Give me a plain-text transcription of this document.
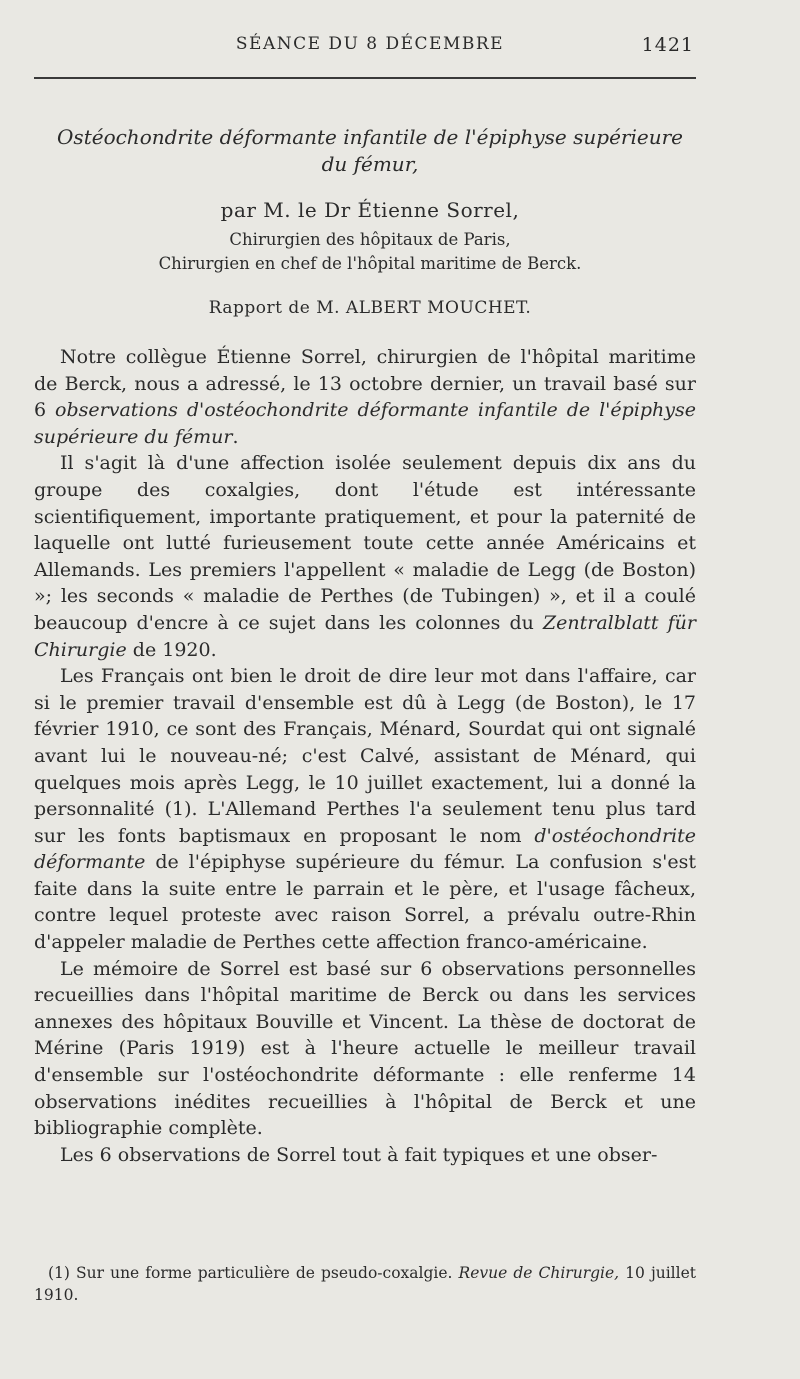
SÉANCE DU 8 DÉCEMBRE	1421

Ostéochondrite déformante infantile de l'épiphyse supérieure
du fémur,

par M. le Dr Étienne Sorrel,
Chirurgien des hôpitaux de Paris,
Chirurgien en chef de l'hôpital maritime de Berck.
Rapport de M. ALBERT MOUCHET.

Notre collègue Étienne Sorrel, chirurgien de l'hôpital maritime de Berck, nous a adressé, le 13 octobre dernier, un travail basé sur 6 observations d'ostéochondrite déformante infantile de l'épiphyse supérieure du fémur.

Il s'agit là d'une affection isolée seulement depuis dix ans du groupe des coxalgies, dont l'étude est intéressante scientifiquement, importante pratiquement, et pour la paternité de laquelle ont lutté furieusement toute cette année Américains et Allemands. Les premiers l'appellent « maladie de Legg (de Boston) »; les seconds « maladie de Perthes (de Tubingen) », et il a coulé beaucoup d'encre à ce sujet dans les colonnes du Zentralblatt für Chirurgie de 1920.

Les Français ont bien le droit de dire leur mot dans l'affaire, car si le premier travail d'ensemble est dû à Legg (de Boston), le 17 février 1910, ce sont des Français, Ménard, Sourdat qui ont signalé avant lui le nouveau-né; c'est Calvé, assistant de Ménard, qui quelques mois après Legg, le 10 juillet exactement, lui a donné la personnalité (1). L'Allemand Perthes l'a seulement tenu plus tard sur les fonts baptismaux en proposant le nom d'ostéochondrite déformante de l'épiphyse supérieure du fémur. La confusion s'est faite dans la suite entre le parrain et le père, et l'usage fâcheux, contre lequel proteste avec raison Sorrel, a prévalu outre-Rhin d'appeler maladie de Perthes cette affection franco-américaine.

Le mémoire de Sorrel est basé sur 6 observations personnelles recueillies dans l'hôpital maritime de Berck ou dans les services annexes des hôpitaux Bouville et Vincent. La thèse de doctorat de Mérine (Paris 1919) est à l'heure actuelle le meilleur travail d'ensemble sur l'ostéochondrite déformante : elle renferme 14 observations inédites recueillies à l'hôpital de Berck et une bibliographie complète.

Les 6 observations de Sorrel tout à fait typiques et une obser-

(1) Sur une forme particulière de pseudo-coxalgie. Revue de Chirurgie, 10 juillet 1910.
